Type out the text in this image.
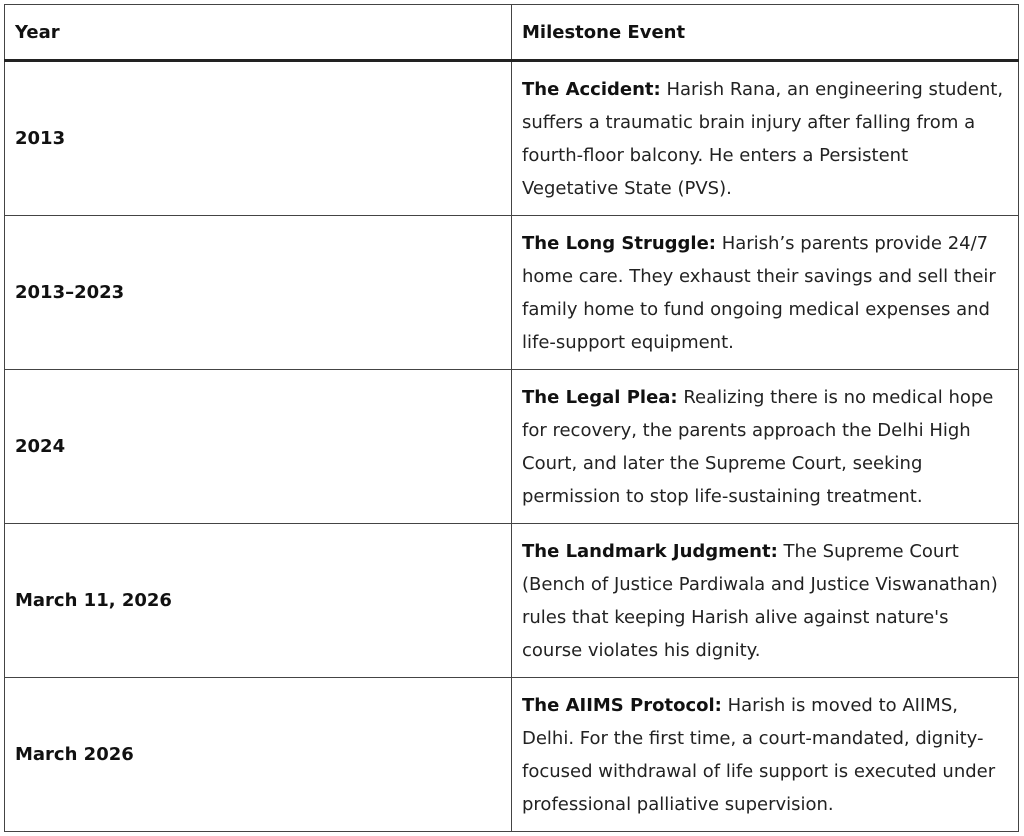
Year	Milestone Event
2013	The Accident: Harish Rana, an engineering student, suffers a traumatic brain injury after falling from a fourth-floor balcony. He enters a Persistent Vegetative State (PVS).
2013–2023	The Long Struggle: Harish’s parents provide 24/7 home care. They exhaust their savings and sell their family home to fund ongoing medical expenses and life-support equipment.
2024	The Legal Plea: Realizing there is no medical hope for recovery, the parents approach the Delhi High Court, and later the Supreme Court, seeking permission to stop life-sustaining treatment.
March 11, 2026	The Landmark Judgment: The Supreme Court (Bench of Justice Pardiwala and Justice Viswanathan) rules that keeping Harish alive against nature's course violates his dignity.
March 2026	The AIIMS Protocol: Harish is moved to AIIMS, Delhi. For the first time, a court-mandated, dignity-focused withdrawal of life support is executed under professional palliative supervision.
